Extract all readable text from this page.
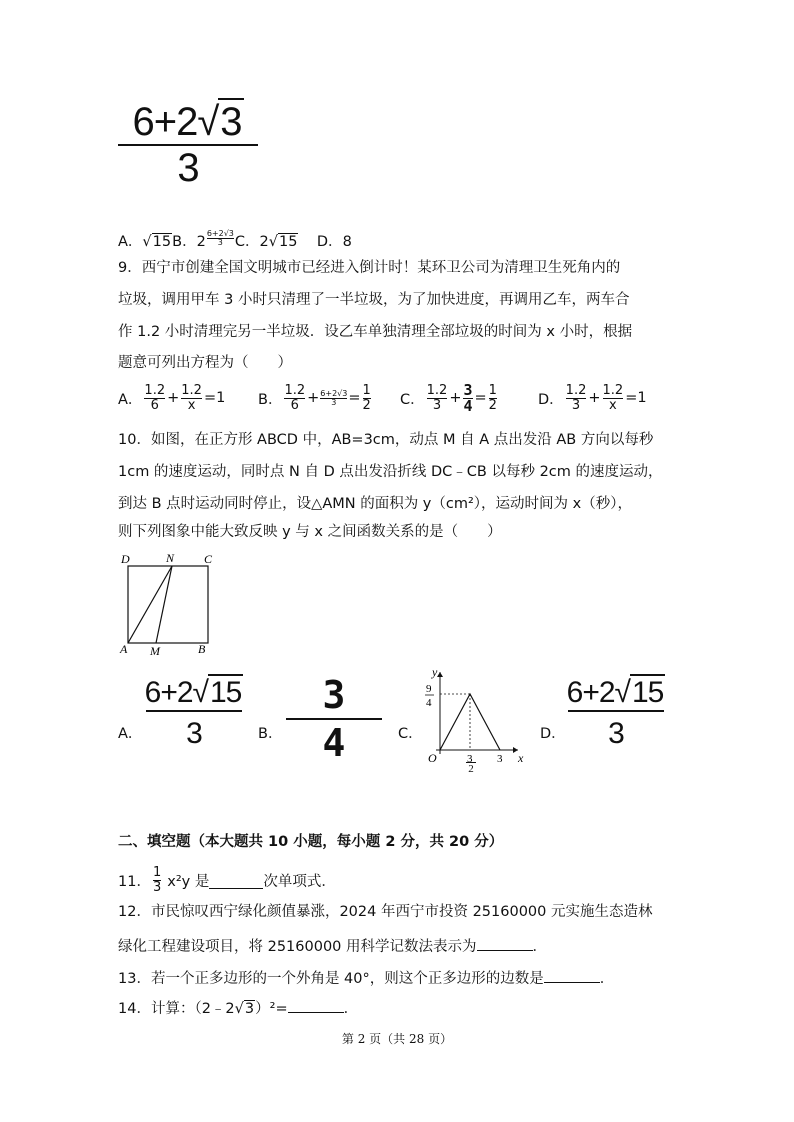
6+2√3
3
A．√15B．2 $^{\frac{6+2√3}{3}}$ C．2√15 D．8
9．西宁市创建全国文明城市已经进入倒计时！某环卫公司为清理卫生死角内的
垃圾，调用甲车 3 小时只清理了一半垃圾，为了加快进度，再调用乙车，两车合
作 1.2 小时清理完另一半垃圾．设乙车单独清理全部垃圾的时间为 x 小时，根据
题意可列出方程为（　　）
A． $\frac{1.2}{6} + \frac{1.2}{x} =1$ B． $\frac{1.2}{6} + \frac{6+2√3}{3} = \frac{1}{2}$ C． $\frac{1.2}{3} + \frac{3}{4} = \frac{1}{2}$	D． $\frac{1.2}{3} + \frac{1.2}{x} =1$
10．如图，在正方形 ABCD 中，AB=3cm，动点 M 自 A 点出发沿 AB 方向以每秒
1cm 的速度运动，同时点 N 自 D 点出发沿折线 DC﹣CB 以每秒 2cm 的速度运动，
到达 B 点时运动同时停止，设△AMN 的面积为 y（cm²），运动时间为 x（秒），
则下列图象中能大致反映 y 与 x 之间函数关系的是（　　）
D	N C
A M	B
A．
6+2√15
3	B．
3
4	C．
y
x
O
9
4
3 3
2
D．
6+2√15
3
二、填空题（本大题共 10 小题，每小题 2 分，共 20 分）
11． $\frac{1}{3} x^2y$ 是	次单项式．
12．市民惊叹西宁绿化颜值暴涨，2024 年西宁市投资 25160000 元实施生态造林
绿化工程建设项目，将 25160000 用科学记数法表示为	．
13．若一个正多边形的一个外角是 40°，则这个正多边形的边数是	．
14．计算：（2﹣2√3）²=	．
第 2 页（共 28 页）
